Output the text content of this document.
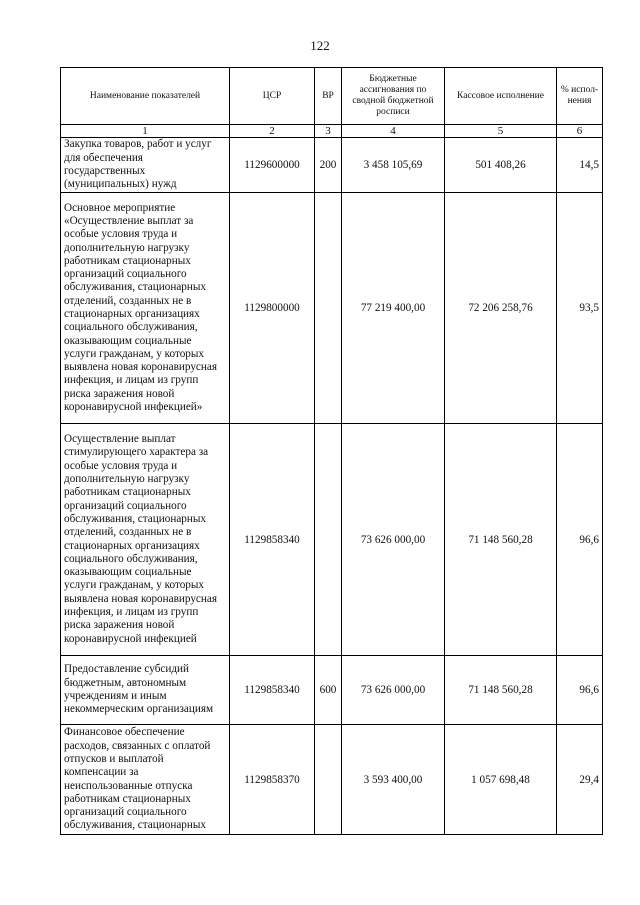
122
Наименование показателей	ЦСР	ВР	Бюджетные ассигнования по сводной бюджетной росписи	Кассовое исполнение	% испол-нения
1	2	3	4	5	6
Закупка товаров, работ и услуг для обеспечения государственных (муниципальных) нужд	1129600000	200	3 458 105,69	501 408,26	14,5
Основное мероприятие «Осуществление выплат за особые условия труда и дополнительную нагрузку работникам стационарных организаций социального обслуживания, стационарных отделений, созданных не в стационарных организациях социального обслуживания, оказывающим социальные услуги гражданам, у которых выявлена новая коронавирусная инфекция, и лицам из групп риска заражения новой коронавирусной инфекцией»	1129800000		77 219 400,00	72 206 258,76	93,5
Осуществление выплат стимулирующего характера за особые условия труда и дополнительную нагрузку работникам стационарных организаций социального обслуживания, стационарных отделений, созданных не в стационарных организациях социального обслуживания, оказывающим социальные услуги гражданам, у которых выявлена новая коронавирусная инфекция, и лицам из групп риска заражения новой коронавирусной инфекцией	1129858340		73 626 000,00	71 148 560,28	96,6
Предоставление субсидий бюджетным, автономным учреждениям и иным некоммерческим организациям	1129858340	600	73 626 000,00	71 148 560,28	96,6
Финансовое обеспечение расходов, связанных с оплатой отпусков и выплатой компенсации за неиспользованные отпуска работникам стационарных организаций социального обслуживания, стационарных	1129858370		3 593 400,00	1 057 698,48	29,4
